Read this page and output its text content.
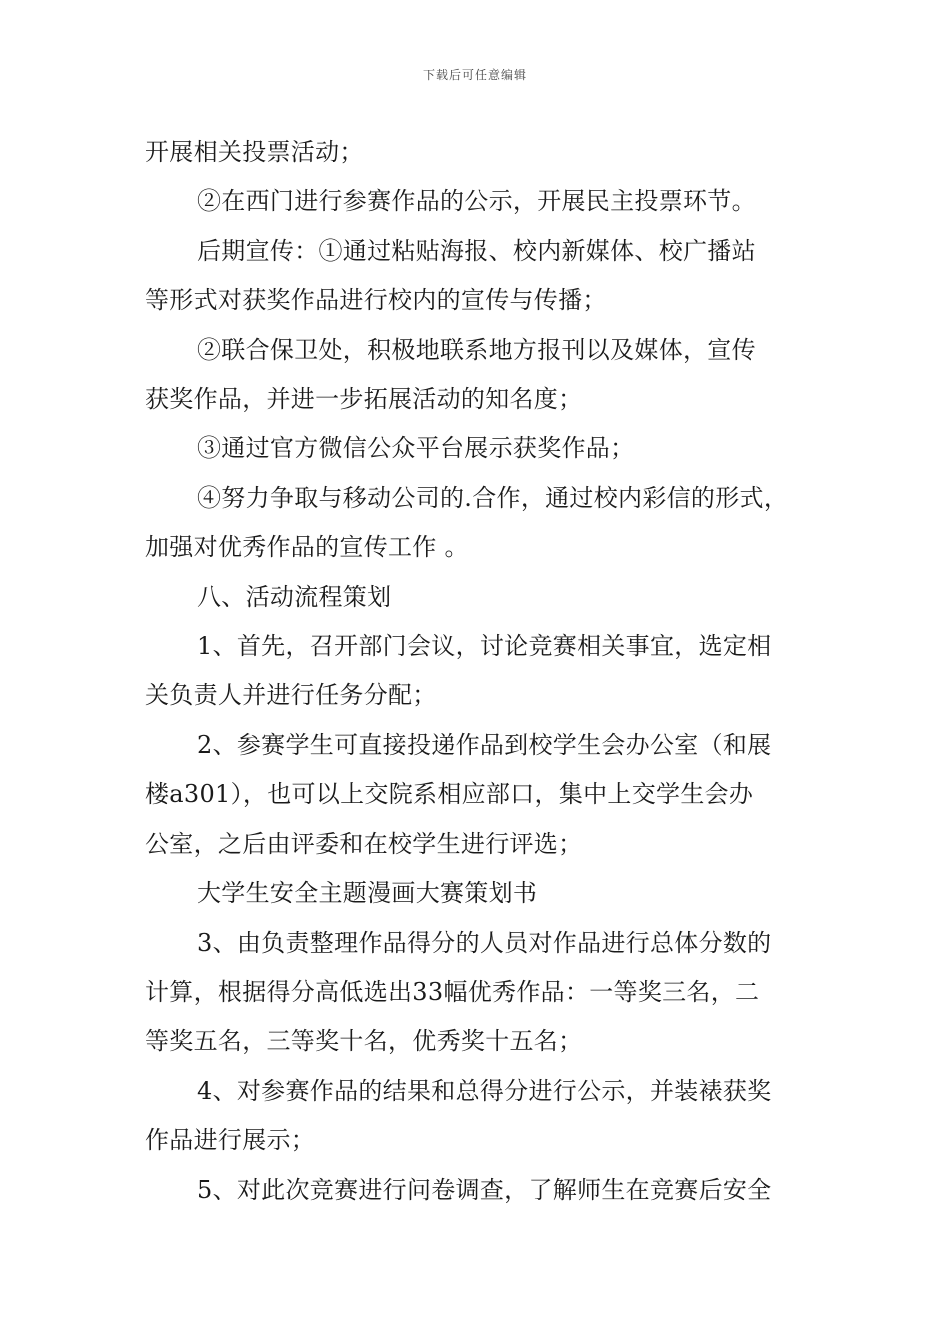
下载后可任意编辑
开展相关投票活动；
②在西门进行参赛作品的公示，开展民主投票环节。
后期宣传：①通过粘贴海报、校内新媒体、校广播站
等形式对获奖作品进行校内的宣传与传播；
②联合保卫处，积极地联系地方报刊以及媒体，宣传
获奖作品，并进一步拓展活动的知名度；
③通过官方微信公众平台展示获奖作品；
④努力争取与移动公司的.合作，通过校内彩信的形式，
加强对优秀作品的宣传工作 。
八、活动流程策划
1、首先，召开部门会议，讨论竞赛相关事宜，选定相
关负责人并进行任务分配；
2、参赛学生可直接投递作品到校学生会办公室（和展
楼a301），也可以上交院系相应部口，集中上交学生会办
公室，之后由评委和在校学生进行评选；
大学生安全主题漫画大赛策划书
3、由负责整理作品得分的人员对作品进行总体分数的
计算，根据得分高低选出33幅优秀作品：一等奖三名，二
等奖五名，三等奖十名，优秀奖十五名；
4、对参赛作品的结果和总得分进行公示，并装裱获奖
作品进行展示；
5、对此次竞赛进行问卷调查，了解师生在竞赛后安全
